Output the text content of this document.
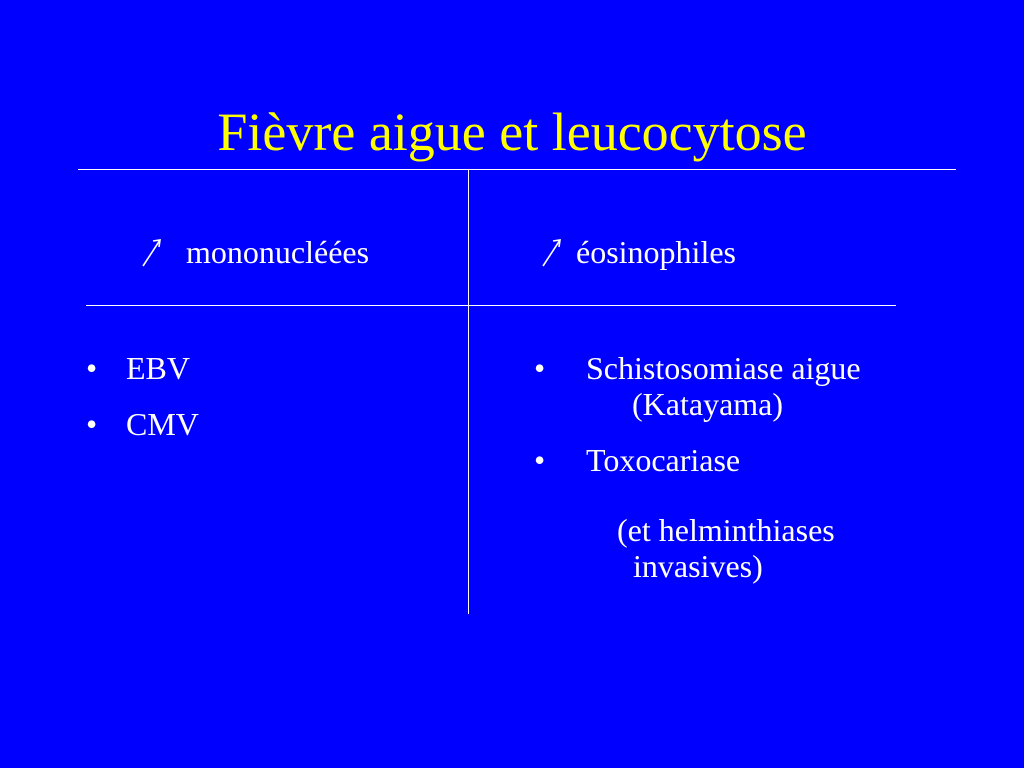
Fièvre aigue et leucocytose
mononucléées	éosinophiles
• EBV
• CMV
• Schistosomiase aigue
(Katayama)
• Toxocariase
(et helminthiases
invasives)
